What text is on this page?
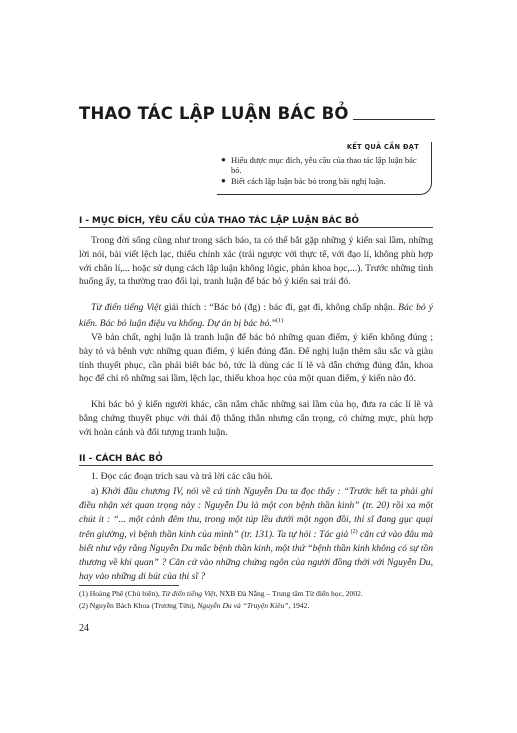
THAO TÁC LẬP LUẬN BÁC BỎ
KẾT QUẢ CẦN ĐẠT
● Hiểu được mục đích, yêu cầu của thao tác lập luận bác bỏ.
● Biết cách lập luận bác bỏ trong bài nghị luận.
I - MỤC ĐÍCH, YÊU CẦU CỦA THAO TÁC LẬP LUẬN BÁC BỎ

Trong đời sống cũng như trong sách báo, ta có thể bắt gặp những ý kiến sai lầm, những lời nói, bài viết lệch lạc, thiếu chính xác (trái ngược với thực tế, với đạo lí, không phù hợp với chân lí,... hoặc sử dụng cách lập luận không lôgic, phản khoa học,...). Trước những tình huống ấy, ta thường trao đổi lại, tranh luận để bác bỏ ý kiến sai trái đó.

Từ điển tiếng Việt giải thích : “Bác bỏ (đg) : bác đi, gạt đi, không chấp nhận. Bác bỏ ý kiến. Bác bỏ luận điệu vu khống. Dự án bị bác bỏ.”$^{(1)}$

Về bản chất, nghị luận là tranh luận để bác bỏ những quan điểm, ý kiến không đúng ; bày tỏ và bênh vực những quan điểm, ý kiến đúng đắn. Để nghị luận thêm sâu sắc và giàu tính thuyết phục, cần phải biết bác bỏ, tức là dùng các lí lẽ và dẫn chứng đúng đắn, khoa học để chỉ rõ những sai lầm, lệch lạc, thiếu khoa học của một quan điểm, ý kiến nào đó.

Khi bác bỏ ý kiến người khác, cần nắm chắc những sai lầm của họ, đưa ra các lí lẽ và bằng chứng thuyết phục với thái độ thẳng thắn nhưng cẩn trọng, có chừng mực, phù hợp với hoàn cảnh và đối tượng tranh luận.

II - CÁCH BÁC BỎ

1. Đọc các đoạn trích sau và trả lời các câu hỏi.

a) Khởi đầu chương IV, nói về cá tính Nguyễn Du ta đọc thấy : “Trước hết ta phải ghi điều nhận xét quan trọng này : Nguyễn Du là một con bệnh thần kinh” (tr. 20) rồi xa một chút ít : “... một cảnh đêm thu, trong một túp lều dưới một ngọn đồi, thi sĩ đang gục quại trên giường, vì bệnh thần kinh của mình” (tr. 131). Ta tự hỏi : Tác giả $^{(2)}$ căn cứ vào đâu mà biết như vậy rằng Nguyễn Du mắc bệnh thần kinh, một thứ “bệnh thần kinh không có sự tồn thương về khí quan” ? Căn cứ vào những chứng ngôn của người đồng thời với Nguyễn Du, hay vào những di bút của thi sĩ ?

(1) Hoàng Phê (Chủ biên), Từ điển tiếng Việt, NXB Đà Nẵng – Trung tâm Từ điển học, 2002.
(2) Nguyễn Bách Khoa (Trương Tửu), Nguyễn Du và “Truyện Kiều”, 1942.
24
